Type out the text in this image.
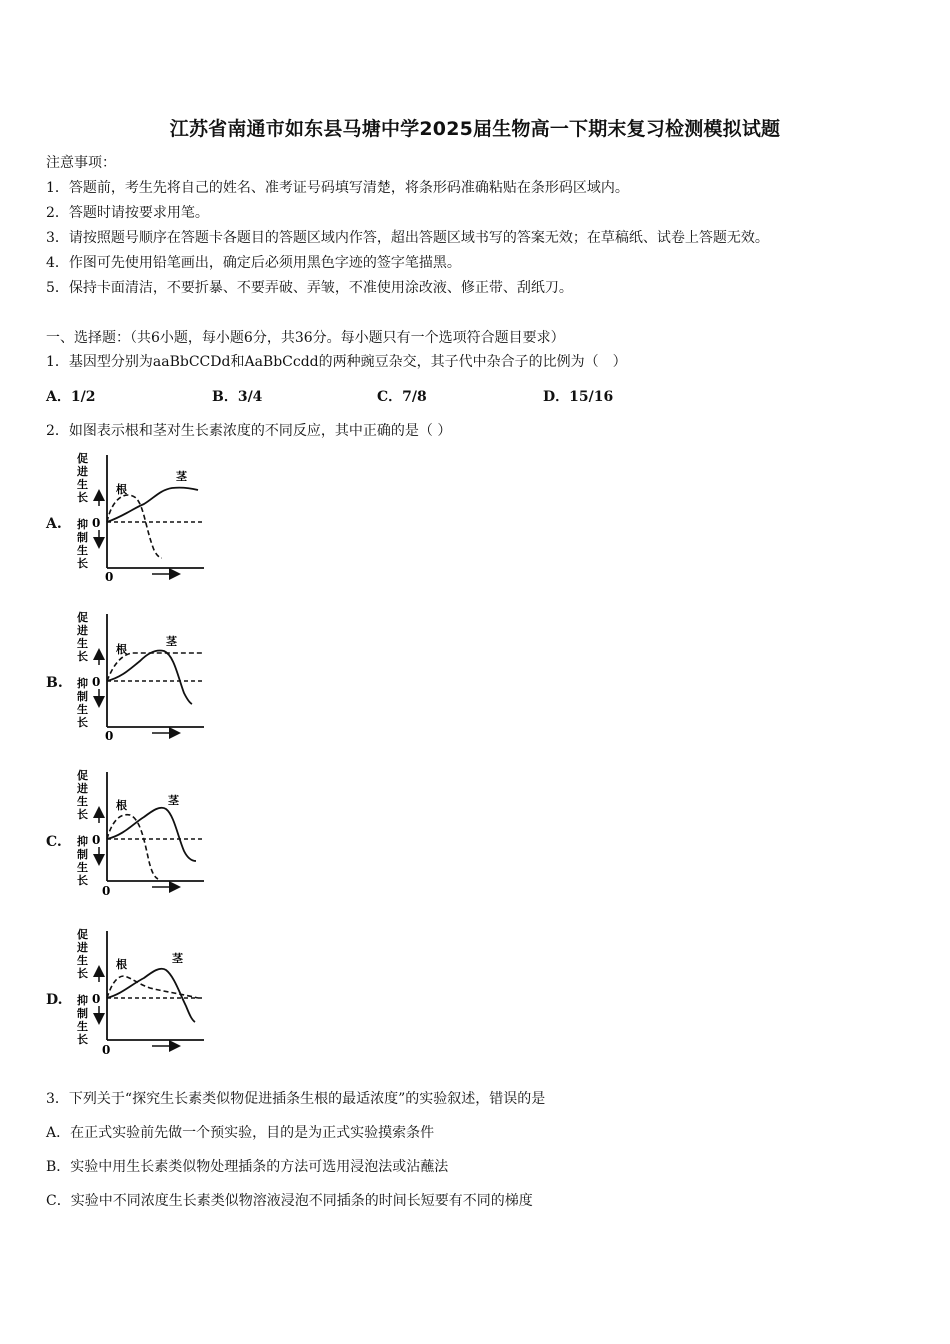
江苏省南通市如东县马塘中学2025届生物高一下期末复习检测模拟试题
注意事项：
1．答题前，考生先将自己的姓名、准考证号码填写清楚，将条形码准确粘贴在条形码区域内。
2．答题时请按要求用笔。
3．请按照题号顺序在答题卡各题目的答题区域内作答，超出答题区域书写的答案无效；在草稿纸、试卷上答题无效。
4．作图可先使用铅笔画出，确定后必须用黑色字迹的签字笔描黑。
5．保持卡面清洁，不要折暴、不要弄破、弄皱，不准使用涂改液、修正带、刮纸刀。
一、选择题：（共6小题，每小题6分，共36分。每小题只有一个选项符合题目要求）
1．基因型分别为aaBbCCDd和AaBbCcdd的两种豌豆杂交，其子代中杂合子的比例为（　）
A．1/2	B．3/4	C．7/8	D．15/16
2．如图表示根和茎对生长素浓度的不同反应，其中正确的是（ ）
A.
促
进
生
长
抑
制
生
长
0
0
根
茎
B.
促
进
生
长
抑
制
生
长
0
0
根
茎
C.
促
进
生
长
抑
制
生
长
0
0
根	茎
D.
促
进
生
长
抑
制
生
长
0
0
根	茎
3．下列关于“探究生长素类似物促进插条生根的最适浓度”的实验叙述，错误的是
A．在正式实验前先做一个预实验，目的是为正式实验摸索条件
B．实验中用生长素类似物处理插条的方法可选用浸泡法或沾蘸法
C．实验中不同浓度生长素类似物溶液浸泡不同插条的时间长短要有不同的梯度
